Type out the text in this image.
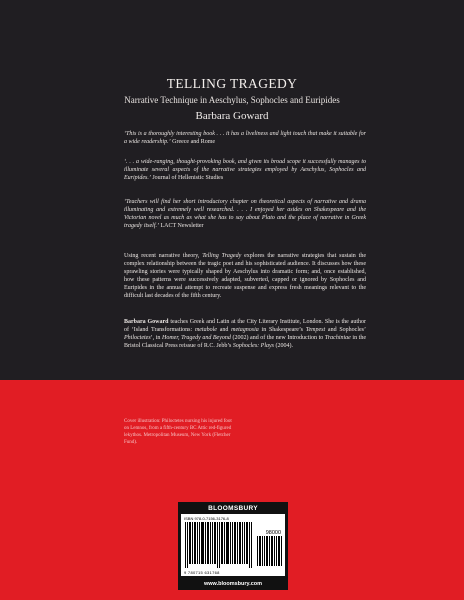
TELLING TRAGEDY
Narrative Technique in Aeschylus, Sophocles and Euripides
Barbara Goward
‘This is a thoroughly interesting book . . . it has a liveliness and light touch that make it suitable for a wide readership.’ Greece and Rome
‘. . . a wide-ranging, thought-provoking book, and given its broad scope it successfully manages to illuminate several aspects of the narrative strategies employed by Aeschylus, Sophocles and Euripides.’ Journal of Hellenistic Studies
‘Teachers will find her short introductory chapter on theoretical aspects of narrative and drama illuminating and extremely well researched. . . . I enjoyed her asides on Shakespeare and the Victorian novel as much as what she has to say about Plato and the place of narrative in Greek tragedy itself.’ LACT Newsletter
Using recent narrative theory, Telling Tragedy explores the narrative strategies that sustain the complex relationship between the tragic poet and his sophisticated audience. It discusses how these sprawling stories were typically shaped by Aeschylus into dramatic form; and, once established, how these patterns were successively adapted, subverted, capped or ignored by Sophocles and Euripides in the annual attempt to recreate suspense and express fresh meanings relevant to the difficult last decades of the fifth century.
Barbara Goward teaches Greek and Latin at the City Literary Institute, London. She is the author of ‘Island Transformations: metabole and metagnosia in Shakespeare’s Tempest and Sophocles’ Philoctetes’, in Homer, Tragedy and Beyond (2002) and of the new Introduction to Trachiniae in the Bristol Classical Press reissue of R.C. Jebb’s Sophocles: Plays (2004).
Cover illustration: Philoctetes nursing his injured foot on Lemnos, from a fifth-century BC Attic red-figured lekythos. Metropolitan Museum, New York (Fletcher Fund).
BLOOMSBURY
ISBN 978-0-7156-3176-8
98000
9 780715 631768
www.bloomsbury.com
